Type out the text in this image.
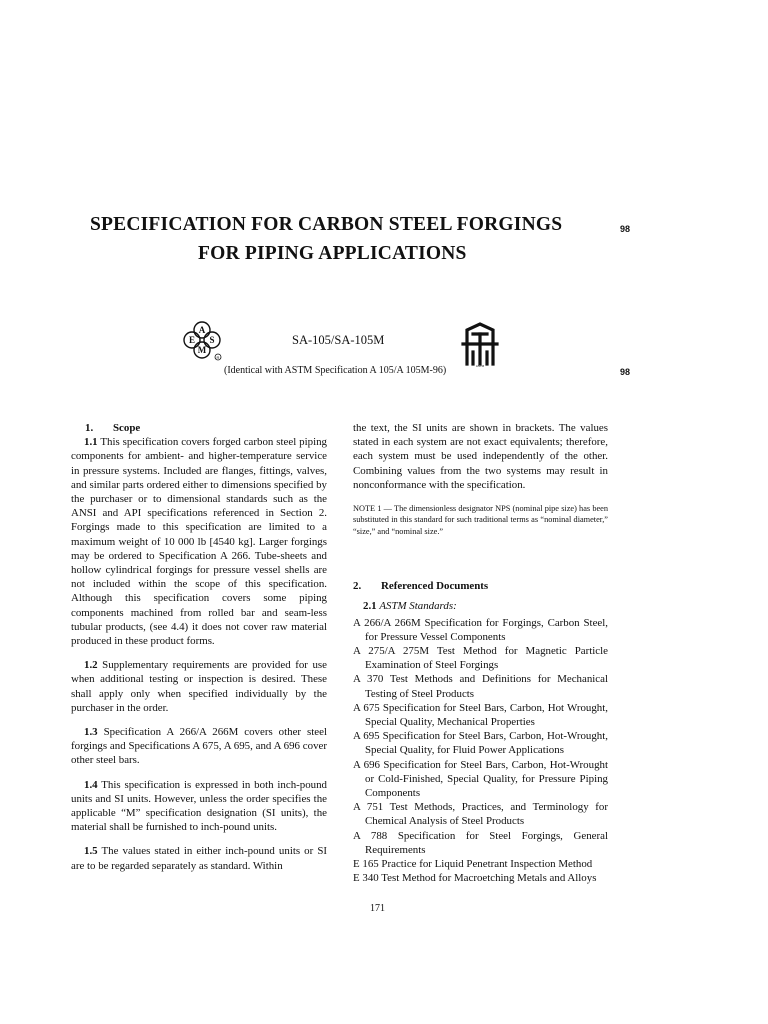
SPECIFICATION FOR CARBON STEEL FORGINGS
FOR PIPING APPLICATIONS
98
98
A
S
M
E
R
SA-105/SA-105M
ASTM
(Identical with ASTM Specification A 105/A 105M-96)

1. Scope

1.1 This specification covers forged carbon steel piping components for ambient- and higher-temperature service in pressure systems. Included are flanges, fittings, valves, and similar parts ordered either to dimensions specified by the purchaser or to dimensional standards such as the ANSI and API specifications referenced in Section 2. Forgings made to this specification are limited to a maximum weight of 10 000 lb [4540 kg]. Larger forgings may be ordered to Specification A 266. Tube-sheets and hollow cylindrical forgings for pressure vessel shells are not included within the scope of this specification. Although this specification covers some piping components machined from rolled bar and seam-less tubular products, (see 4.4) it does not cover raw material produced in these product forms.

1.2 Supplementary requirements are provided for use when additional testing or inspection is desired. These shall apply only when specified individually by the purchaser in the order.

1.3 Specification A 266/A 266M covers other steel forgings and Specifications A 675, A 695, and A 696 cover other steel bars.

1.4 This specification is expressed in both inch-pound units and SI units. However, unless the order specifies the applicable “M” specification designation (SI units), the material shall be furnished to inch-pound units.

1.5 The values stated in either inch-pound units or SI are to be regarded separately as standard. Within

the text, the SI units are shown in brackets. The values stated in each system are not exact equivalents; therefore, each system must be used independently of the other. Combining values from the two systems may result in nonconformance with the specification.

NOTE 1 — The dimensionless designator NPS (nominal pipe size) has been substituted in this standard for such traditional terms as “nominal diameter,” “size,” and “nominal size.”

2. Referenced Documents

2.1 ASTM Standards:

A 266/A 266M Specification for Forgings, Carbon Steel, for Pressure Vessel Components

A 275/A 275M Test Method for Magnetic Particle Examination of Steel Forgings

A 370 Test Methods and Definitions for Mechanical Testing of Steel Products

A 675 Specification for Steel Bars, Carbon, Hot Wrought, Special Quality, Mechanical Properties

A 695 Specification for Steel Bars, Carbon, Hot-Wrought, Special Quality, for Fluid Power Applications

A 696 Specification for Steel Bars, Carbon, Hot-Wrought or Cold-Finished, Special Quality, for Pressure Piping Components

A 751 Test Methods, Practices, and Terminology for Chemical Analysis of Steel Products

A 788 Specification for Steel Forgings, General Requirements

E 165 Practice for Liquid Penetrant Inspection Method

E 340 Test Method for Macroetching Metals and Alloys

171
